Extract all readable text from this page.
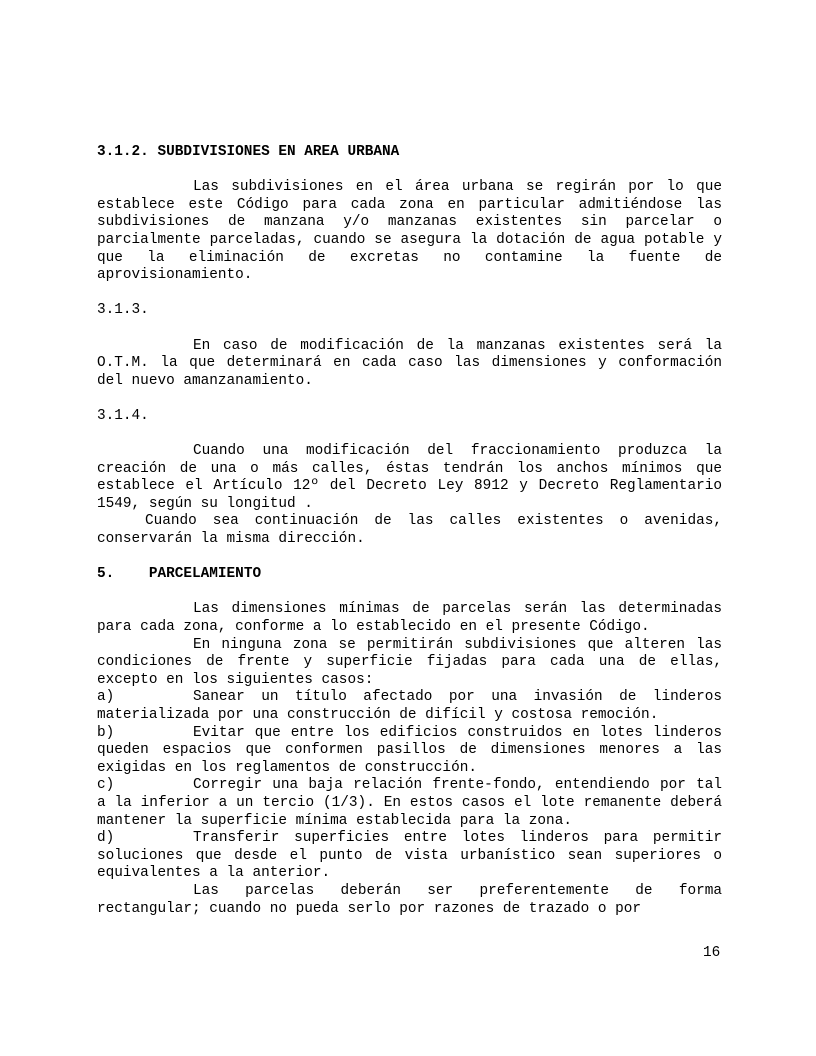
3.1.2. SUBDIVISIONES EN AREA URBANA

Las subdivisiones en el área urbana se regirán por lo que establece este Código para cada zona en particular admitiéndose las subdivisiones de manzana y/o manzanas existentes sin parcelar o parcialmente parceladas, cuando se asegura la dotación de agua potable y que la eliminación de excretas no contamine la fuente de aprovisionamiento.

3.1.3.

En caso de modificación de la manzanas existentes será la O.T.M. la que determinará en cada caso las dimensiones y conformación del nuevo amanzanamiento.

3.1.4.

Cuando una modificación del fraccionamiento produzca la creación de una o más calles, éstas tendrán los anchos mínimos que establece el Artículo 12º del Decreto Ley 8912 y Decreto Reglamentario 1549, según su longitud .

Cuando sea continuación de las calles existentes o avenidas, conservarán la misma dirección.

5. PARCELAMIENTO

Las dimensiones mínimas de parcelas serán las determinadas para cada zona, conforme a lo establecido en el presente Código.

En ninguna zona se permitirán subdivisiones que alteren las condiciones de frente y superficie fijadas para cada una de ellas, excepto en los siguientes casos:

a)	Sanear un título afectado por una invasión de linderos materializada por una construcción de difícil y costosa remoción.

b)	Evitar que entre los edificios construidos en lotes linderos queden espacios que conformen pasillos de dimensiones menores a las exigidas en los reglamentos de construcción.

c)	Corregir una baja relación frente-fondo, entendiendo por tal a la inferior a un tercio (1/3). En estos casos el lote remanente deberá mantener la superficie mínima establecida para la zona.

d)	Transferir superficies entre lotes linderos para permitir soluciones que desde el punto de vista urbanístico sean superiores o equivalentes a la anterior.

Las parcelas deberán ser preferentemente de forma rectangular; cuando no pueda serlo por razones de trazado o por

16
